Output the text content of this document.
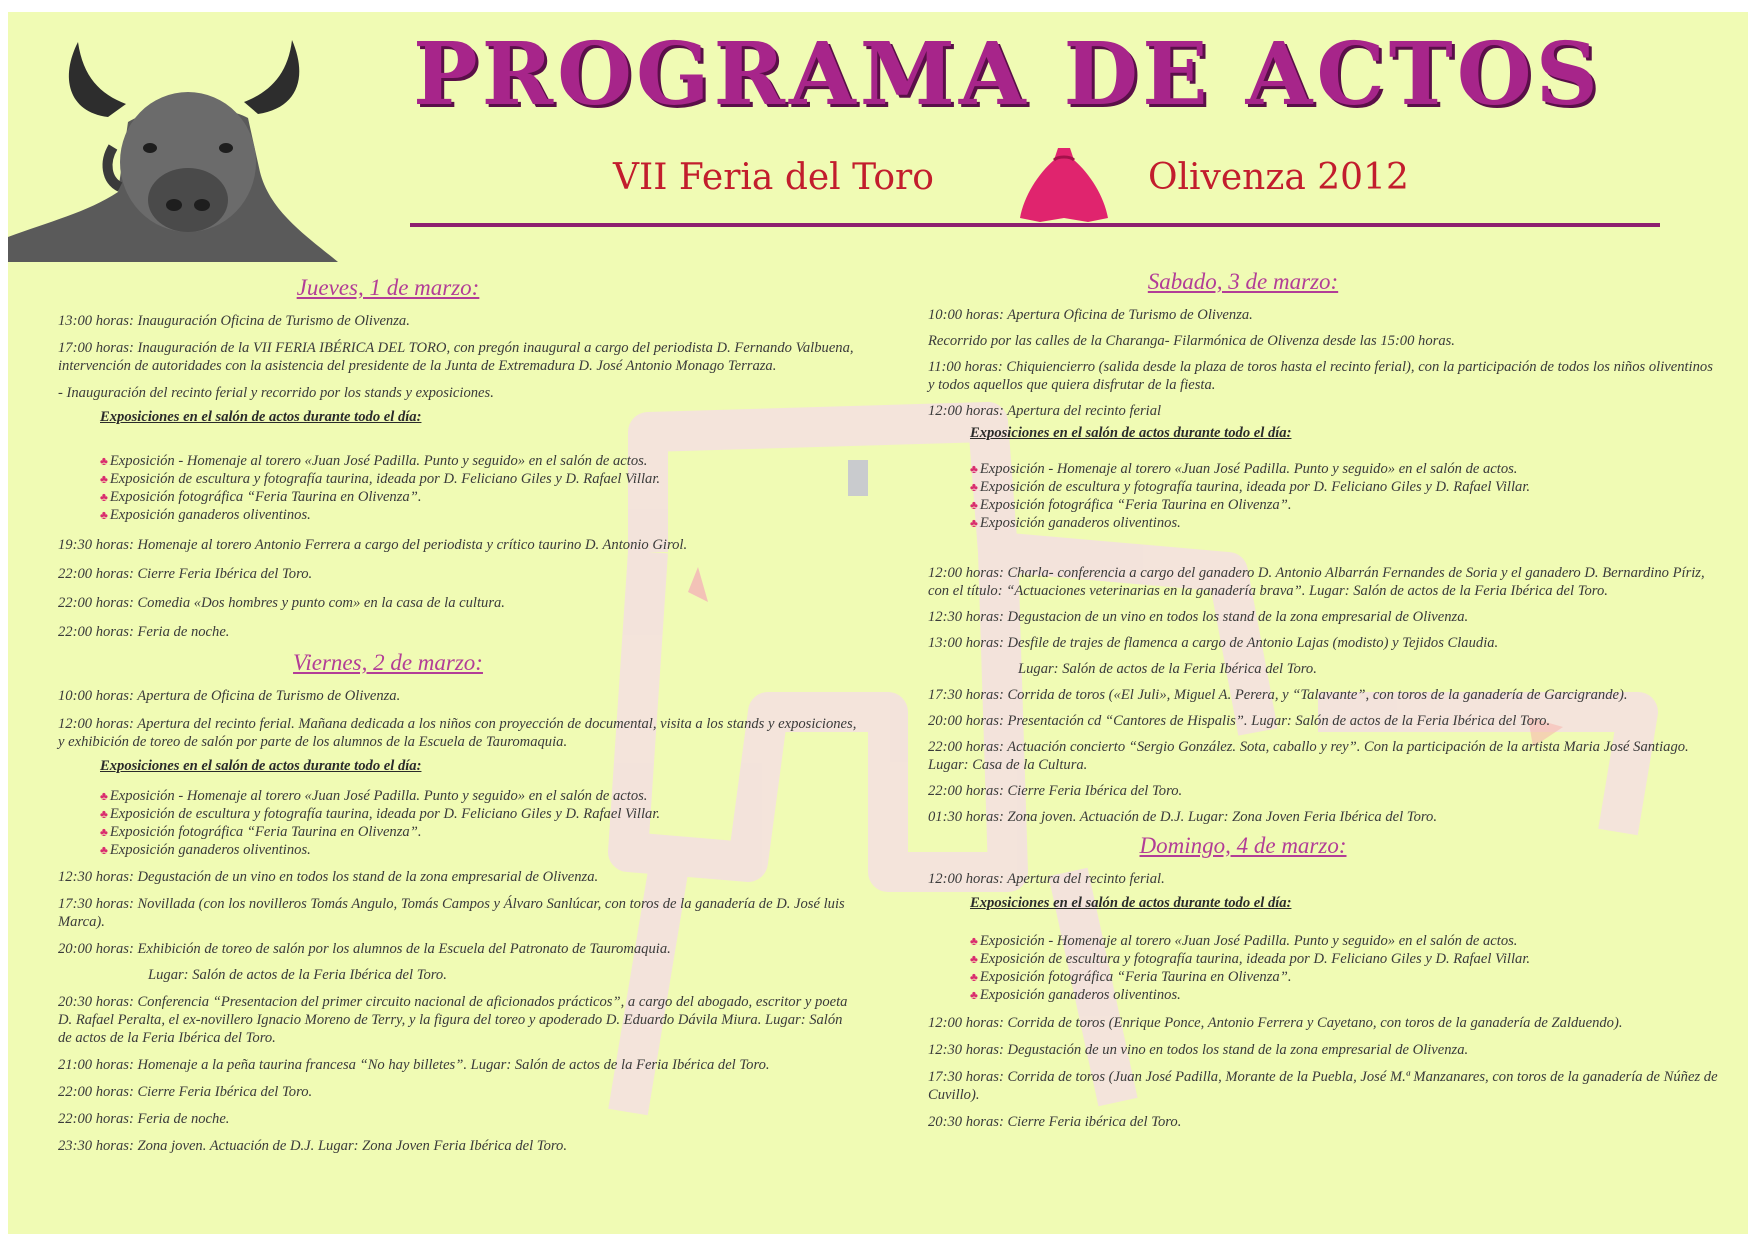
PROGRAMA DE ACTOS
VII Feria del Toro	Olivenza 2012

Jueves, 1 de marzo:

13:00 horas: Inauguración Oficina de Turismo de Olivenza.

17:00 horas: Inauguración de la VII FERIA IBÉRICA DEL TORO, con pregón inaugural a cargo del periodista D. Fernando Valbuena, intervención de autoridades con la asistencia del presidente de la Junta de Extremadura D. José Antonio Monago Terraza.

- Inauguración del recinto ferial y recorrido por los stands y exposiciones.

Exposiciones en el salón de actos durante todo el día:

♣ Exposición - Homenaje al torero «Juan José Padilla. Punto y seguido» en el salón de actos.
♣ Exposición de escultura y fotografía taurina, ideada por D. Feliciano Giles y D. Rafael Villar.
♣ Exposición fotográfica “Feria Taurina en Olivenza”.
♣ Exposición ganaderos oliventinos.

19:30 horas: Homenaje al torero Antonio Ferrera a cargo del periodista y crítico taurino D. Antonio Girol.

22:00 horas: Cierre Feria Ibérica del Toro.

22:00 horas: Comedia «Dos hombres y punto com» en la casa de la cultura.

22:00 horas: Feria de noche.

Viernes, 2 de marzo:

10:00 horas: Apertura de Oficina de Turismo de Olivenza.

12:00 horas: Apertura del recinto ferial. Mañana dedicada a los niños con proyección de documental, visita a los stands y exposiciones, y exhibición de toreo de salón por parte de los alumnos de la Escuela de Tauromaquia.

Exposiciones en el salón de actos durante todo el día:

♣ Exposición - Homenaje al torero «Juan José Padilla. Punto y seguido» en el salón de actos.
♣ Exposición de escultura y fotografía taurina, ideada por D. Feliciano Giles y D. Rafael Villar.
♣ Exposición fotográfica “Feria Taurina en Olivenza”.
♣ Exposición ganaderos oliventinos.

12:30 horas: Degustación de un vino en todos los stand de la zona empresarial de Olivenza.

17:30 horas: Novillada (con los novilleros Tomás Angulo, Tomás Campos y Álvaro Sanlúcar, con toros de la ganadería de D. José luis Marca).

20:00 horas: Exhibición de toreo de salón por los alumnos de la Escuela del Patronato de Tauromaquia.

Lugar: Salón de actos de la Feria Ibérica del Toro.

20:30 horas: Conferencia “Presentacion del primer circuito nacional de aficionados prácticos”, a cargo del abogado, escritor y poeta D. Rafael Peralta, el ex-novillero Ignacio Moreno de Terry, y la figura del toreo y apoderado D. Eduardo Dávila Miura. Lugar: Salón de actos de la Feria Ibérica del Toro.

21:00 horas: Homenaje a la peña taurina francesa “No hay billetes”. Lugar: Salón de actos de la Feria Ibérica del Toro.

22:00 horas: Cierre Feria Ibérica del Toro.

22:00 horas: Feria de noche.

23:30 horas: Zona joven. Actuación de D.J. Lugar: Zona Joven Feria Ibérica del Toro.

Sabado, 3 de marzo:

10:00 horas: Apertura Oficina de Turismo de Olivenza.

Recorrido por las calles de la Charanga- Filarmónica de Olivenza desde las 15:00 horas.

11:00 horas: Chiquiencierro (salida desde la plaza de toros hasta el recinto ferial), con la participación de todos los niños oliventinos y todos aquellos que quiera disfrutar de la fiesta.

12:00 horas: Apertura del recinto ferial

Exposiciones en el salón de actos durante todo el día:

♣ Exposición - Homenaje al torero «Juan José Padilla. Punto y seguido» en el salón de actos.
♣ Exposición de escultura y fotografía taurina, ideada por D. Feliciano Giles y D. Rafael Villar.
♣ Exposición fotográfica “Feria Taurina en Olivenza”.
♣ Exposición ganaderos oliventinos.

12:00 horas: Charla- conferencia a cargo del ganadero D. Antonio Albarrán Fernandes de Soria y el ganadero D. Bernardino Píriz, con el título: “Actuaciones veterinarias en la ganadería brava”. Lugar: Salón de actos de la Feria Ibérica del Toro.

12:30 horas: Degustacion de un vino en todos los stand de la zona empresarial de Olivenza.

13:00 horas: Desfile de trajes de flamenca a cargo de Antonio Lajas (modisto) y Tejidos Claudia.

Lugar: Salón de actos de la Feria Ibérica del Toro.

17:30 horas: Corrida de toros («El Juli», Miguel A. Perera, y “Talavante”, con toros de la ganadería de Garcigrande).

20:00 horas: Presentación cd “Cantores de Hispalis”. Lugar: Salón de actos de la Feria Ibérica del Toro.

22:00 horas: Actuación concierto “Sergio González. Sota, caballo y rey”. Con la participación de la artista Maria José Santiago. Lugar: Casa de la Cultura.

22:00 horas: Cierre Feria Ibérica del Toro.

01:30 horas: Zona joven. Actuación de D.J. Lugar: Zona Joven Feria Ibérica del Toro.

Domingo, 4 de marzo:

12:00 horas: Apertura del recinto ferial.

Exposiciones en el salón de actos durante todo el día:

♣ Exposición - Homenaje al torero «Juan José Padilla. Punto y seguido» en el salón de actos.
♣ Exposición de escultura y fotografía taurina, ideada por D. Feliciano Giles y D. Rafael Villar.
♣ Exposición fotográfica “Feria Taurina en Olivenza”.
♣ Exposición ganaderos oliventinos.

12:00 horas: Corrida de toros (Enrique Ponce, Antonio Ferrera y Cayetano, con toros de la ganadería de Zalduendo).

12:30 horas: Degustación de un vino en todos los stand de la zona empresarial de Olivenza.

17:30 horas: Corrida de toros (Juan José Padilla, Morante de la Puebla, José M.ª Manzanares, con toros de la ganadería de Núñez de Cuvillo).

20:30 horas: Cierre Feria ibérica del Toro.
